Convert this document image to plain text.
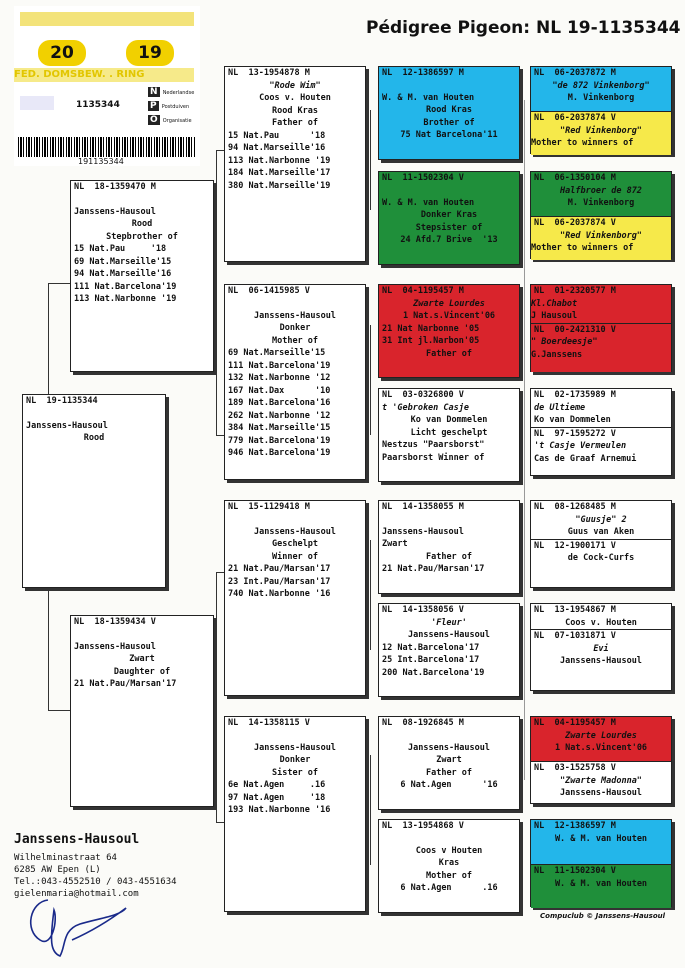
Pédigree Pigeon: NL 19-1135344
20	19
FED. DOMSBEW. . RING
1135344
N Nederlandse
P Postduiven
O Organisatie
191135344
NL  19-1135344
Janssens-Hausoul
Rood
NL  18-1359470 M
Janssens-Hausoul
Rood
Stepbrother of
15 Nat.Pau     '18
69 Nat.Marseille'15
94 Nat.Marseille'16
111 Nat.Barcelona'19
113 Nat.Narbonne '19
NL  18-1359434 V
Janssens-Hausoul
Zwart
Daughter of
21 Nat.Pau/Marsan'17
NL  13-1954878 M
"Rode Wim"
Coos v. Houten
Rood Kras
Father of
15 Nat.Pau      '18
94 Nat.Marseille'16
113 Nat.Narbonne '19
184 Nat.Marseille'17
380 Nat.Marseille'19
NL  06-1415985 V
Janssens-Hausoul
Donker
Mother of
69 Nat.Marseille'15
111 Nat.Barcelona'19
132 Nat.Narbonne '12
167 Nat.Dax      '10
189 Nat.Barcelona'16
262 Nat.Narbonne '12
384 Nat.Marseille'15
779 Nat.Barcelona'19
946 Nat.Barcelona'19
NL  15-1129418 M
Janssens-Hausoul
Geschelpt
Winner of
21 Nat.Pau/Marsan'17
23 Int.Pau/Marsan'17
740 Nat.Narbonne '16
NL  14-1358115 V
Janssens-Hausoul
Donker
Sister of
6e Nat.Agen     .16
97 Nat.Agen     '18
193 Nat.Narbonne '16
NL  12-1386597 M
W. & M. van Houten
Rood Kras
Brother of
75 Nat Barcelona'11
NL  11-1502304 V
W. & M. van Houten
Donker Kras
Stepsister of
24 Afd.7 Brive  '13
NL  04-1195457 M
Zwarte Lourdes
1 Nat.s.Vincent'06
21 Nat Narbonne '05
31 Int jl.Narbon'05
Father of
NL  03-0326800 V
t 'Gebroken Casje
Ko van Dommelen
Licht geschelpt
Nestzus "Paarsborst"
Paarsborst Winner of
NL  14-1358055 M
Janssens-Hausoul
Zwart
Father of
21 Nat.Pau/Marsan'17
NL  14-1358056 V
'Fleur'
Janssens-Hausoul
12 Nat.Barcelona'17
25 Int.Barcelona'17
200 Nat.Barcelona'19
NL  08-1926845 M
Janssens-Hausoul
Zwart
Father of
6 Nat.Agen      '16
NL  13-1954868 V
Coos v Houten
Kras
Mother of
6 Nat.Agen      .16
NL  06-2037872 M
"de 872 Vinkenborg"
M. Vinkenborg
NL  06-2037874 V
"Red Vinkenborg"
Mother to winners of
NL  06-1350104 M
Halfbroer de 872
M. Vinkenborg
NL  06-2037874 V
"Red Vinkenborg"
Mother to winners of
NL  01-2320577 M
Kl.Chabot
J Hausoul
NL  00-2421310 V
" Boerdeesje"
G.Janssens
NL  02-1735989 M
de Ultieme
Ko van Dommelen
NL  97-1595272 V
't Casje Vermeulen
Cas de Graaf Arnemui
NL  08-1268485 M
"Guusje" 2
Guus van Aken
NL  12-1900171 V
de Cock-Curfs
NL  13-1954867 M
Coos v. Houten
NL  07-1031871 V
Evi
Janssens-Hausoul
NL  04-1195457 M
Zwarte Lourdes
1 Nat.s.Vincent'06
NL  03-1525758 V
"Zwarte Madonna"
Janssens-Hausoul
NL  12-1386597 M
W. & M. van Houten
NL  11-1502304 V
W. & M. van Houten
Compuclub © Janssens-Hausoul
Janssens-Hausoul
Wilhelminastraat 64
6285 AW Epen (L)
Tel.:043-4552510 / 043-4551634
gielenmaria@hotmail.com
